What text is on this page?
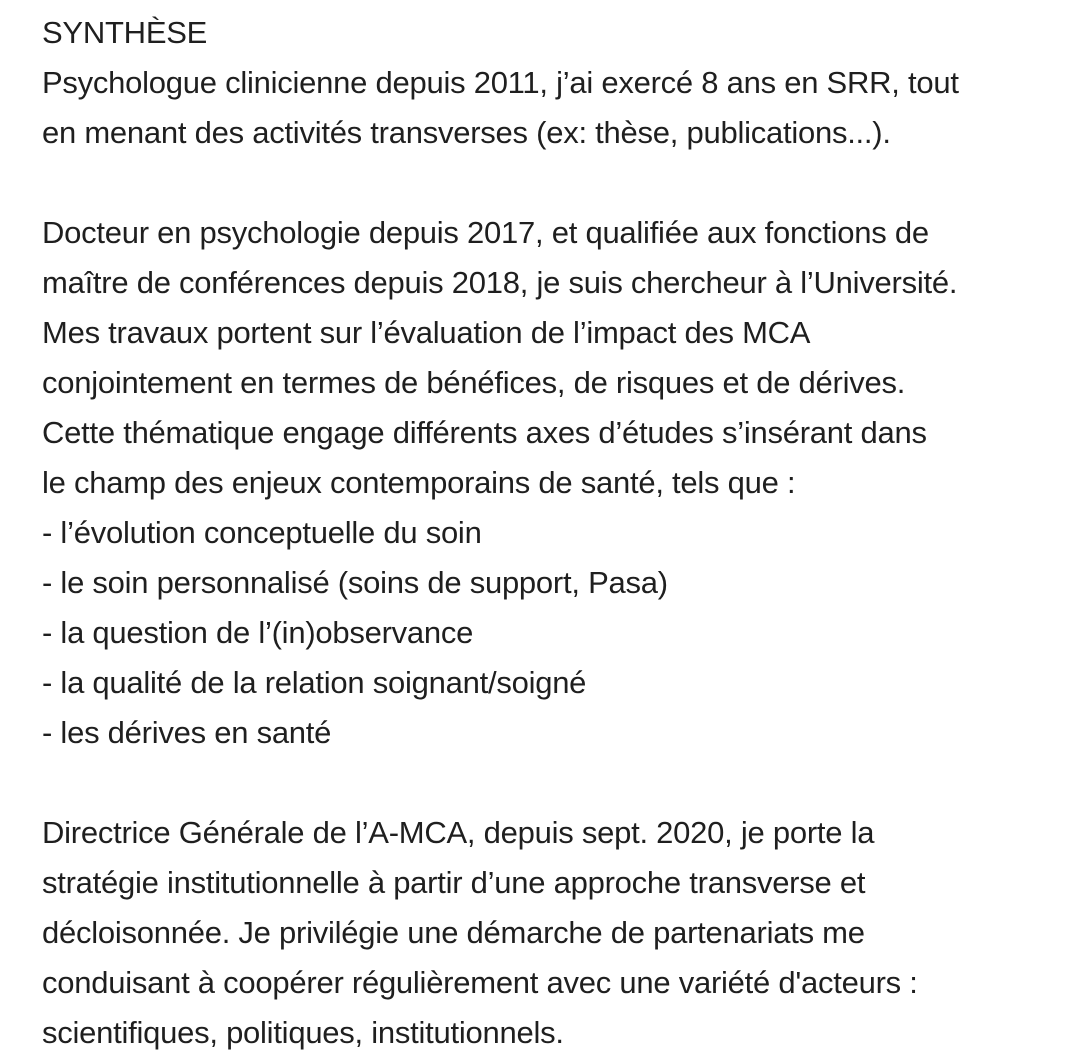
SYNTHÈSE
Psychologue clinicienne depuis 2011, j’ai exercé 8 ans en SRR, tout
en menant des activités transverses (ex: thèse, publications...).
Docteur en psychologie depuis 2017, et qualifiée aux fonctions de
maître de conférences depuis 2018, je suis chercheur à l’Université.
Mes travaux portent sur l’évaluation de l’impact des MCA
conjointement en termes de bénéfices, de risques et de dérives.
Cette thématique engage différents axes d’études s’insérant dans
le champ des enjeux contemporains de santé, tels que :
- l’évolution conceptuelle du soin
- le soin personnalisé (soins de support, Pasa)
- la question de l’(in)observance
- la qualité de la relation soignant/soigné
- les dérives en santé
Directrice Générale de l’A-MCA, depuis sept. 2020, je porte la
stratégie institutionnelle à partir d’une approche transverse et
décloisonnée. Je privilégie une démarche de partenariats me
conduisant à coopérer régulièrement avec une variété d'acteurs :
scientifiques, politiques, institutionnels.
